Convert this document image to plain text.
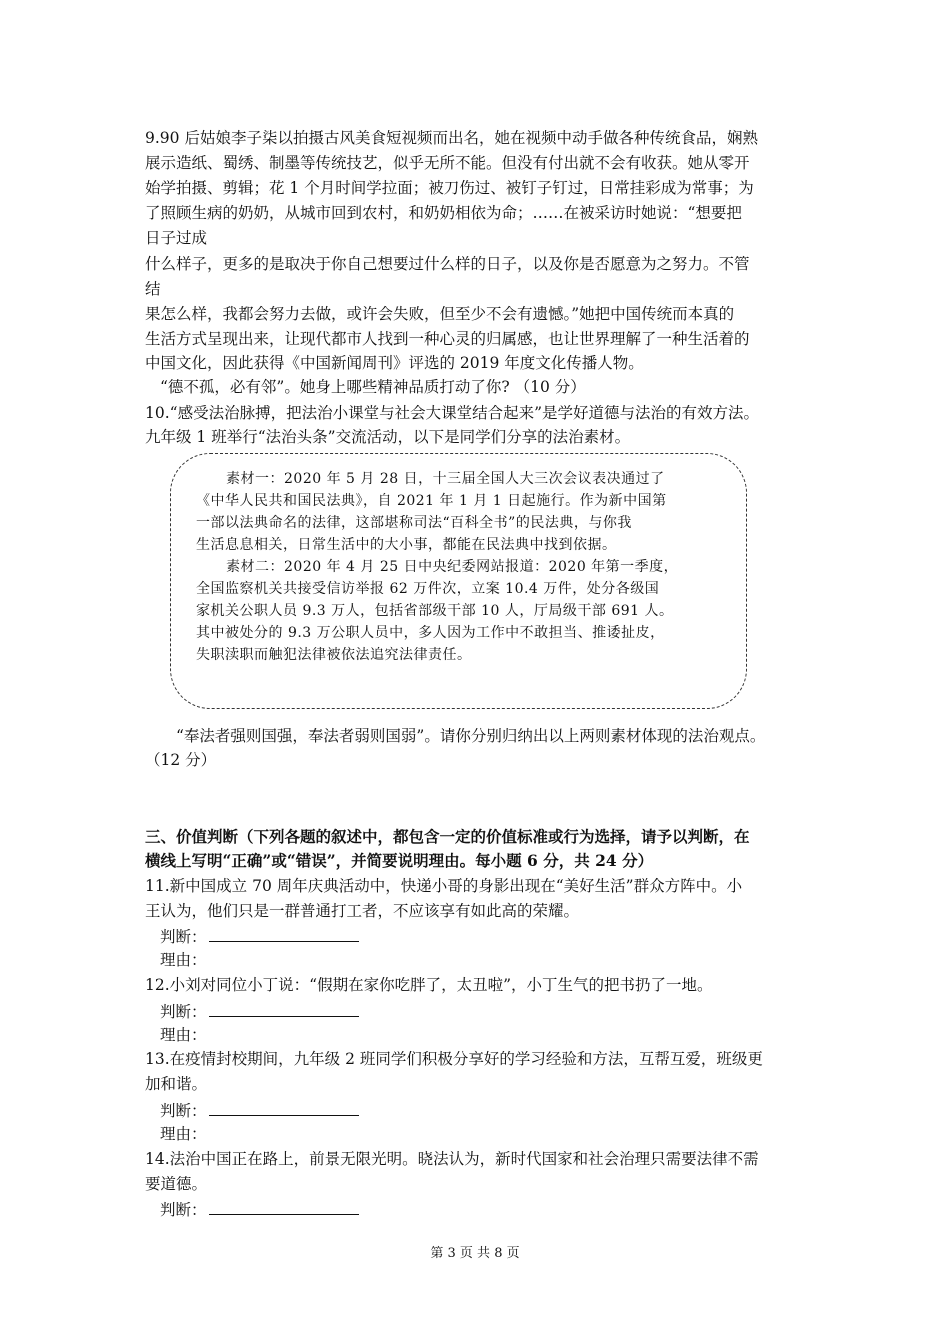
9.90 后姑娘李子柒以拍摄古风美食短视频而出名，她在视频中动手做各种传统食品，娴熟
展示造纸、蜀绣、制墨等传统技艺，似乎无所不能。但没有付出就不会有收获。她从零开
始学拍摄、剪辑；花 1 个月时间学拉面；被刀伤过、被钉子钉过，日常挂彩成为常事；为
了照顾生病的奶奶，从城市回到农村，和奶奶相依为命；……在被采访时她说：“想要把
日子过成
什么样子，更多的是取决于你自己想要过什么样的日子，以及你是否愿意为之努力。不管
结
果怎么样，我都会努力去做，或许会失败，但至少不会有遗憾。”她把中国传统而本真的
生活方式呈现出来，让现代都市人找到一种心灵的归属感，也让世界理解了一种生活着的
中国文化，因此获得《中国新闻周刊》评选的 2019 年度文化传播人物。
“德不孤，必有邻”。她身上哪些精神品质打动了你? （10 分）
10.“感受法治脉搏，把法治小课堂与社会大课堂结合起来”是学好道德与法治的有效方法。
九年级 1 班举行“法治头条”交流活动，以下是同学们分享的法治素材。
素材一：2020 年 5 月 28 日，十三届全国人大三次会议表决通过了
《中华人民共和国民法典》，自 2021 年 1 月 1 日起施行。作为新中国第
一部以法典命名的法律，这部堪称司法“百科全书”的民法典，与你我
生活息息相关，日常生活中的大小事，都能在民法典中找到依据。
素材二：2020 年 4 月 25 日中央纪委网站报道：2020 年第一季度，
全国监察机关共接受信访举报 62 万件次，立案 10.4 万件，处分各级国
家机关公职人员 9.3 万人，包括省部级干部 10 人，厅局级干部 691 人。
其中被处分的 9.3 万公职人员中，多人因为工作中不敢担当、推诿扯皮，
失职渎职而触犯法律被依法追究法律责任。
“奉法者强则国强，奉法者弱则国弱”。请你分别归纳出以上两则素材体现的法治观点。
（12 分）
三、价值判断（下列各题的叙述中，都包含一定的价值标准或行为选择，请予以判断，在
横线上写明“正确”或“错误”，并简要说明理由。每小题 6 分，共 24 分）
11.新中国成立 70 周年庆典活动中，快递小哥的身影出现在“美好生活”群众方阵中。小
王认为，他们只是一群普通打工者，不应该享有如此高的荣耀。
判断：
理由：
12.小刘对同位小丁说：“假期在家你吃胖了，太丑啦”，小丁生气的把书扔了一地。
判断：
理由：
13.在疫情封校期间，九年级 2 班同学们积极分享好的学习经验和方法，互帮互爱，班级更
加和谐。
判断：
理由：
14.法治中国正在路上，前景无限光明。晓法认为，新时代国家和社会治理只需要法律不需
要道德。
判断：
第 3 页 共 8 页
